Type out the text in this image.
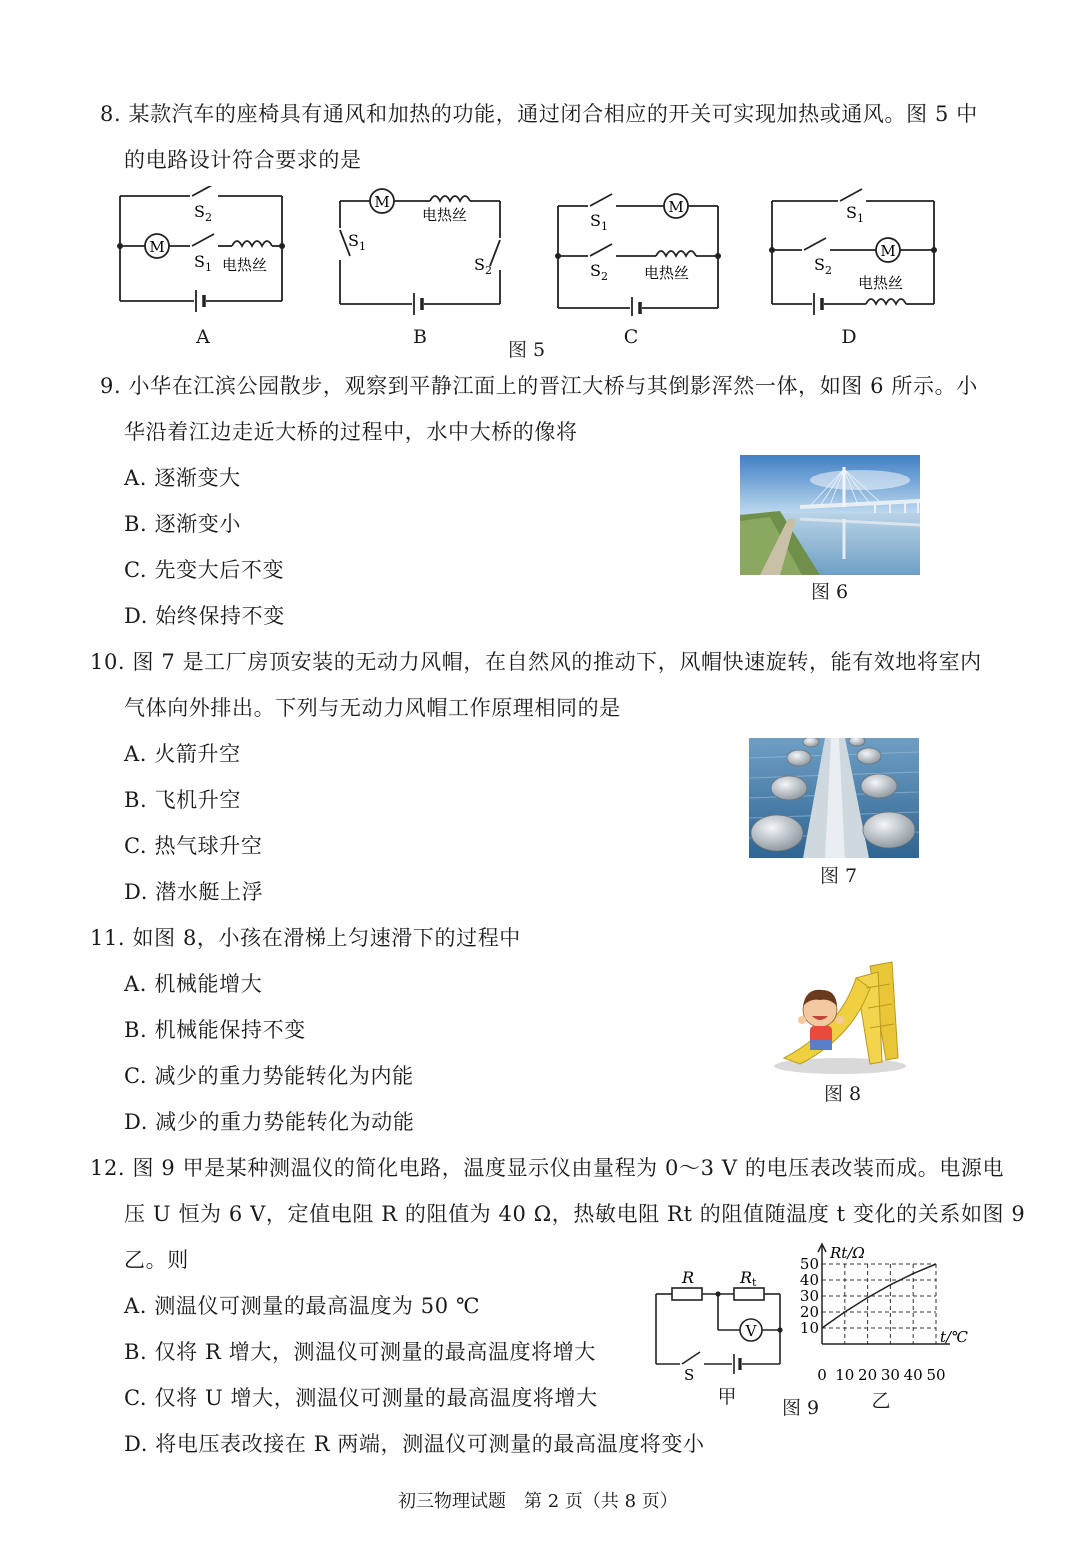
8. 某款汽车的座椅具有通风和加热的功能，通过闭合相应的开关可实现加热或通风。图 5 中
的电路设计符合要求的是
M
S 2
S 1 电热丝
A
M
电热丝
S 1
S 2
B
M
S 1
S 2 电热丝
C
图 5
M
S 1
S 2
电热丝
D
9. 小华在江滨公园散步，观察到平静江面上的晋江大桥与其倒影浑然一体，如图 6 所示。小
华沿着江边走近大桥的过程中，水中大桥的像将
A. 逐渐变大
B. 逐渐变小
C. 先变大后不变
D. 始终保持不变
图 6
10. 图 7 是工厂房顶安装的无动力风帽，在自然风的推动下，风帽快速旋转，能有效地将室内
气体向外排出。下列与无动力风帽工作原理相同的是
A. 火箭升空
B. 飞机升空
C. 热气球升空
D. 潜水艇上浮
图 7
11. 如图 8，小孩在滑梯上匀速滑下的过程中
A. 机械能增大
B. 机械能保持不变
C. 减少的重力势能转化为内能
D. 减少的重力势能转化为动能
图 8
12. 图 9 甲是某种测温仪的简化电路，温度显示仪由量程为 0～3 V 的电压表改装而成。电源电
压 U 恒为 6 V，定值电阻 R 的阻值为 40 Ω，热敏电阻 Rt 的阻值随温度 t 变化的关系如图 9
乙。则
A. 测温仪可测量的最高温度为 50 ℃
B. 仅将 R 增大，测温仪可测量的最高温度将增大
C. 仅将 U 增大，测温仪可测量的最高温度将增大
D. 将电压表改接在 R 两端，测温仪可测量的最高温度将变小
V
R	R t
S
甲 图 9
0 10 20 30 40 50
10
20
30
40
50
Rt/Ω
t/℃
乙
初三物理试题　第 2 页（共 8 页）
